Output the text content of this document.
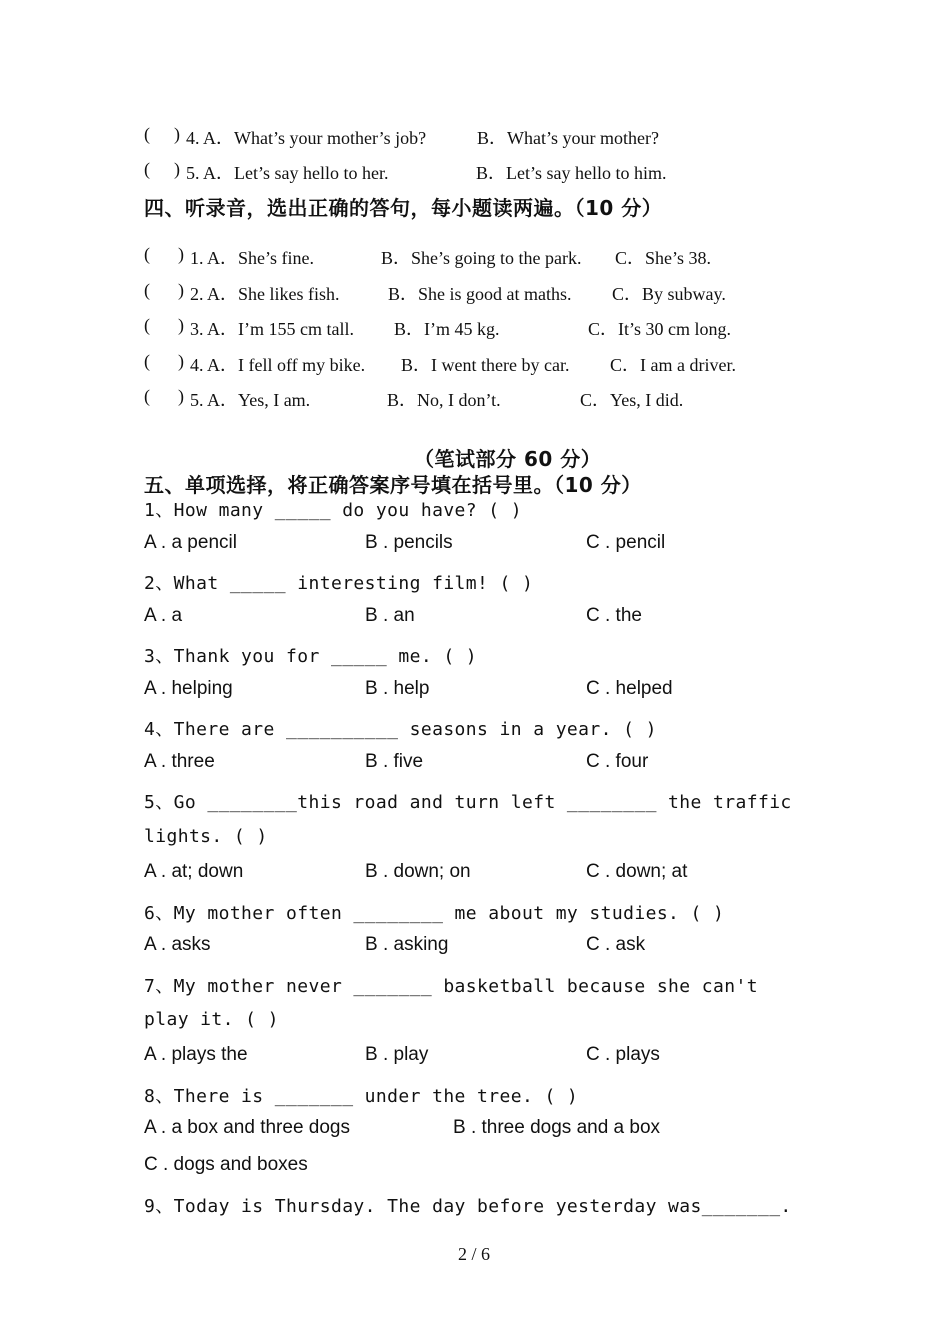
( ) 4. A．What’s your mother’s job?	B．What’s your mother?
( ) 5. A．Let’s say hello to her.	B．Let’s say hello to him.
四、听录音，选出正确的答句，每小题读两遍。（10 分）
( ) 1. A．She’s fine.	B．She’s going to the park. C．She’s 38.
( ) 2. A．She likes fish.	B．She is good at maths. C．By subway.
( ) 3. A．I’m 155 cm tall. B．I’m 45 kg.	C．It’s 30 cm long.
( ) 4. A．I fell off my bike. B．I went there by car. C．I am a driver.
( ) 5. A．Yes, I am.	B．No, I don’t.	C．Yes, I did.
（笔试部分 60 分）
五、单项选择，将正确答案序号填在括号里。（10 分）
1、How many _____ do you have? ( )
A . a pencil	B . pencils	C . pencil
2、What _____ interesting film! ( )
A . a	B . an	C . the
3、Thank you for _____ me. ( )
A . helping	B . help	C . helped
4、There are __________ seasons in a year. ( )
A . three	B . five	C . four
5、Go ________this road and turn left ________ the traffic
lights. ( )
A . at; down	B . down; on	C . down; at
6、My mother often ________ me about my studies. ( )
A . asks	B . asking	C . ask
7、My mother never _______ basketball because she can't
play it. ( )
A . plays the	B . play	C . plays
8、There is _______ under the tree. ( )
A . a box and three dogs	B . three dogs and a box
C . dogs and boxes
9、Today is Thursday. The day before yesterday was_______.
2 / 6
